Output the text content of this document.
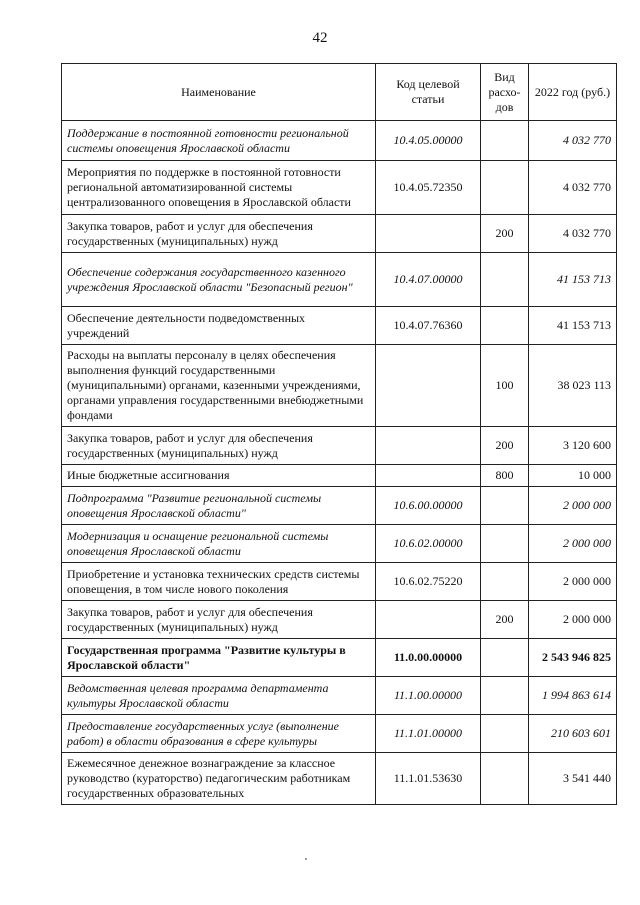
42
Наименование	Код целевой статьи	Вид расхо-дов	2022 год (руб.)
Поддержание в постоянной готовности региональной системы оповещения Ярославской области	10.4.05.00000		4 032 770
Мероприятия по поддержке в постоянной готовности региональной автоматизированной системы централизованного оповещения в Ярославской области	10.4.05.72350		4 032 770
Закупка товаров, работ и услуг для обеспечения государственных (муниципальных) нужд		200	4 032 770
Обеспечение содержания государственного казенного учреждения Ярославской области "Безопасный регион"	10.4.07.00000		41 153 713
Обеспечение деятельности подведомственных учреждений	10.4.07.76360		41 153 713
Расходы на выплаты персоналу в целях обеспечения выполнения функций государственными (муниципальными) органами, казенными учреждениями, органами управления государственными внебюджетными фондами		100	38 023 113
Закупка товаров, работ и услуг для обеспечения государственных (муниципальных) нужд		200	3 120 600
Иные бюджетные ассигнования		800	10 000
Подпрограмма "Развитие региональной системы оповещения Ярославской области"	10.6.00.00000		2 000 000
Модернизация и оснащение региональной системы оповещения Ярославской области	10.6.02.00000		2 000 000
Приобретение и установка технических средств системы оповещения, в том числе нового поколения	10.6.02.75220		2 000 000
Закупка товаров, работ и услуг для обеспечения государственных (муниципальных) нужд		200	2 000 000
Государственная программа "Развитие культуры в Ярославской области"	11.0.00.00000		2 543 946 825
Ведомственная целевая программа департамента культуры Ярославской области	11.1.00.00000		1 994 863 614
Предоставление государственных услуг (выполнение работ) в области образования в сфере культуры	11.1.01.00000		210 603 601
Ежемесячное денежное вознаграждение за классное руководство (кураторство) педагогическим работникам государственных образовательных	11.1.01.53630		3 541 440
